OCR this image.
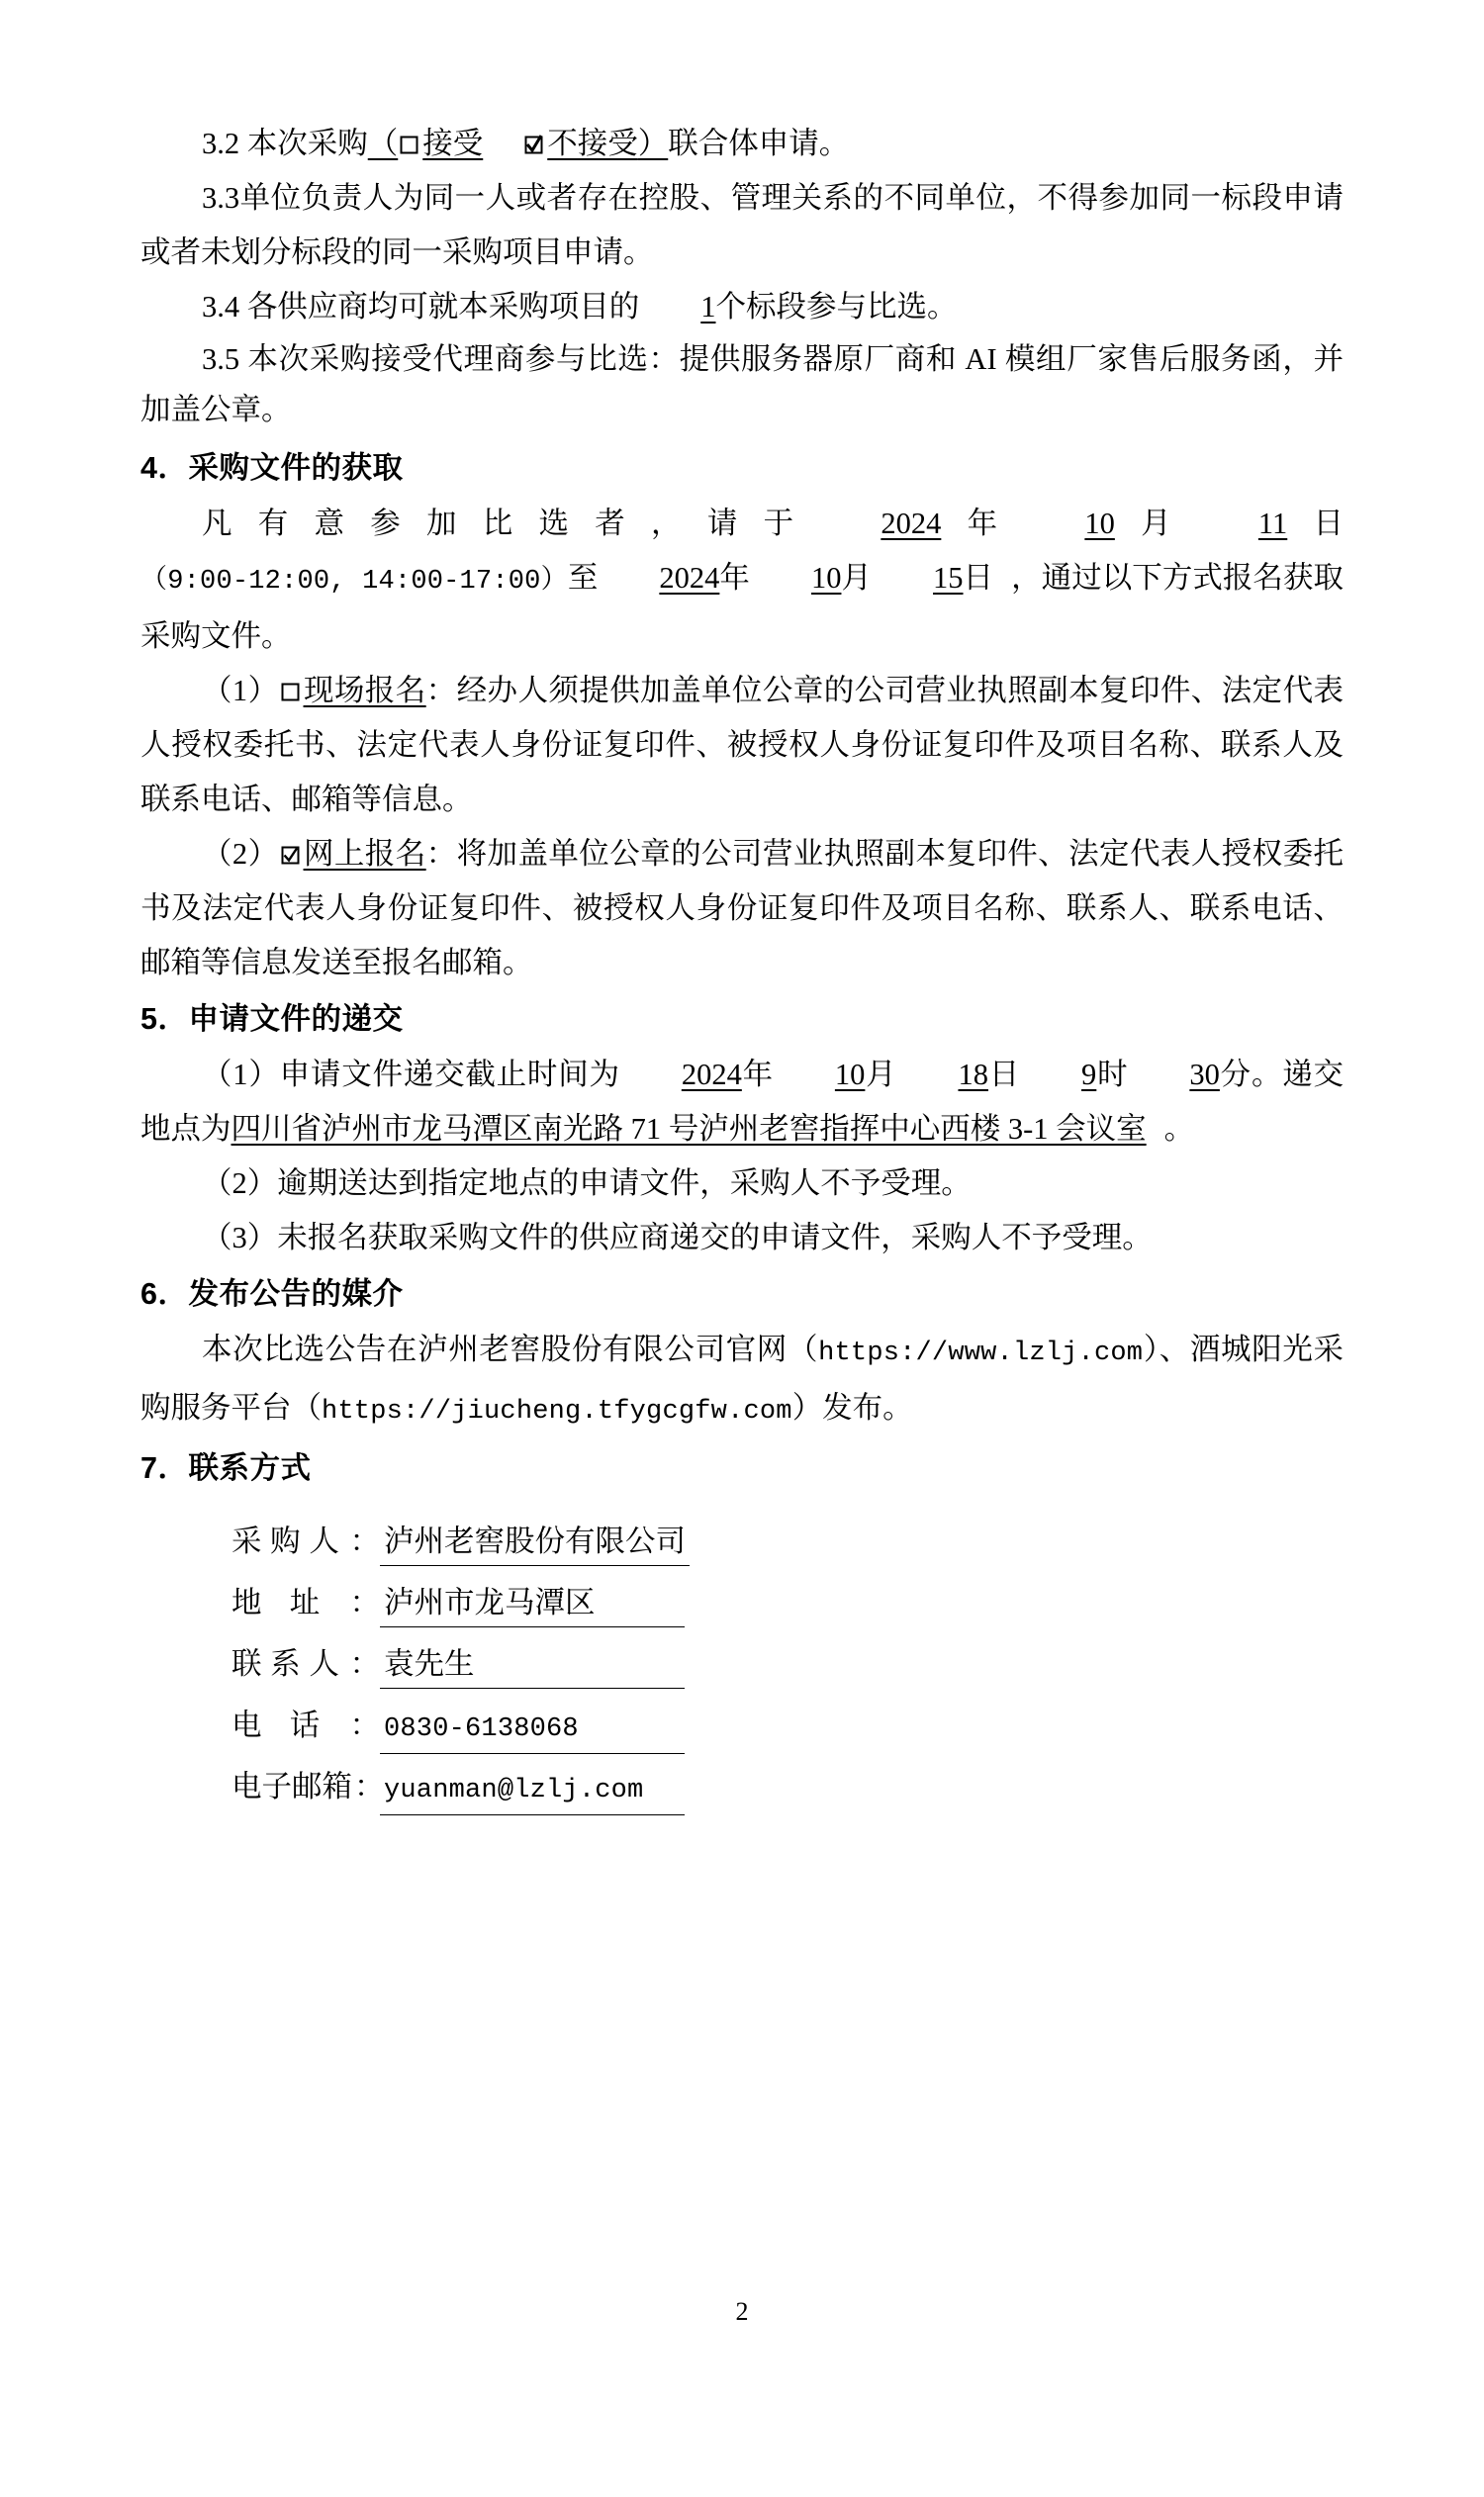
3.2 本次采购（ 接受 不接受）联合体申请。

3.3单位负责人为同一人或者存在控股、管理关系的不同单位，不得参加同一标段申请或者未划分标段的同一采购项目申请。

3.4 各供应商均可就本采购项目的 1个标段参与比选。

3.5 本次采购接受代理商参与比选：提供服务器原厂商和 AI 模组厂家售后服务函，并加盖公章。

4．采购文件的获取

凡有意参加比选者，请于 2024年 10月 11日（9:00-12:00, 14:00-17:00）至 2024年 10月 15日 ，通过以下方式报名获取采购文件。

（1） 现场报名：经办人须提供加盖单位公章的公司营业执照副本复印件、法定代表人授权委托书、法定代表人身份证复印件、被授权人身份证复印件及项目名称、联系人及联系电话、邮箱等信息。

（2） 网上报名：将加盖单位公章的公司营业执照副本复印件、法定代表人授权委托书及法定代表人身份证复印件、被授权人身份证复印件及项目名称、联系人、联系电话、邮箱等信息发送至报名邮箱。

5．申请文件的递交

（1）申请文件递交截止时间为 2024年 10月 18日 9时 30分。递交地点为四川省泸州市龙马潭区南光路 71 号泸州老窖指挥中心西楼 3-1 会议室 。

（2）逾期送达到指定地点的申请文件，采购人不予受理。

（3）未报名获取采购文件的供应商递交的申请文件，采购人不予受理。

6．发布公告的媒介

本次比选公告在泸州老窖股份有限公司官网（https://www.lzlj.com）、酒城阳光采购服务平台（https://jiucheng.tfygcgfw.com）发布。

7．联系方式

采 购 人 ： 泸州老窖股份有限公司
地 址 ： 泸州市龙马潭区
联 系 人 ： 袁先生
电 话 ： 0830-6138068
电 子 邮 箱 ： yuanman@lzlj.com
2
